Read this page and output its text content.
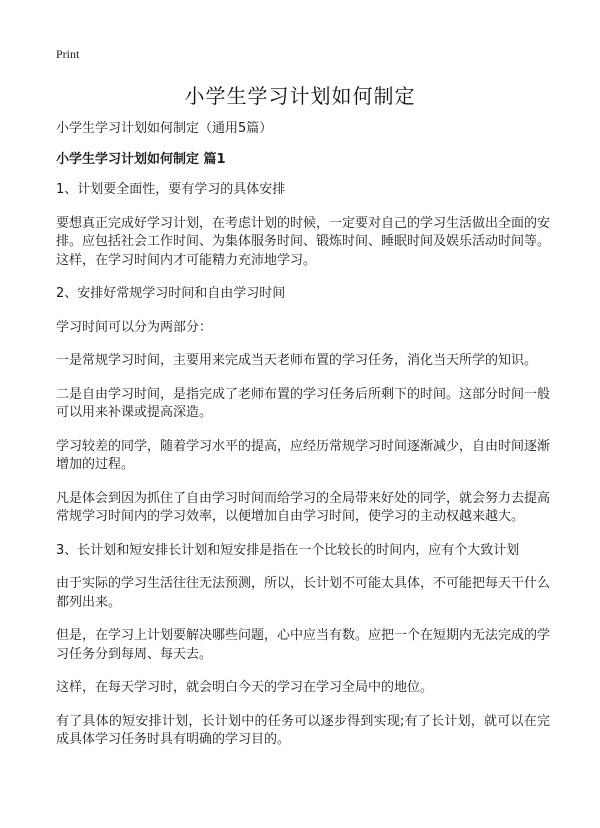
Print
小学生学习计划如何制定

小学生学习计划如何制定（通用5篇）

小学生学习计划如何制定 篇1

1、计划要全面性，要有学习的具体安排

要想真正完成好学习计划，在考虑计划的时候，一定要对自己的学习生活做出全面的安排。应包括社会工作时间、为集体服务时间、锻炼时间、睡眠时间及娱乐活动时间等。这样，在学习时间内才可能精力充沛地学习。

2、安排好常规学习时间和自由学习时间

学习时间可以分为两部分：

一是常规学习时间，主要用来完成当天老师布置的学习任务，消化当天所学的知识。

二是自由学习时间，是指完成了老师布置的学习任务后所剩下的时间。这部分时间一般可以用来补课或提高深造。

学习较差的同学，随着学习水平的提高，应经历常规学习时间逐渐减少，自由时间逐渐增加的过程。

凡是体会到因为抓住了自由学习时间而给学习的全局带来好处的同学，就会努力去提高常规学习时间内的学习效率，以便增加自由学习时间，使学习的主动权越来越大。

3、长计划和短安排长计划和短安排是指在一个比较长的时间内，应有个大致计划

由于实际的学习生活往往无法预测，所以，长计划不可能太具体，不可能把每天干什么都列出来。

但是，在学习上计划要解决哪些问题，心中应当有数。应把一个在短期内无法完成的学习任务分到每周、每天去。

这样，在每天学习时，就会明白今天的学习在学习全局中的地位。

有了具体的短安排计划，长计划中的任务可以逐步得到实现;有了长计划，就可以在完成具体学习任务时具有明确的学习目的。
